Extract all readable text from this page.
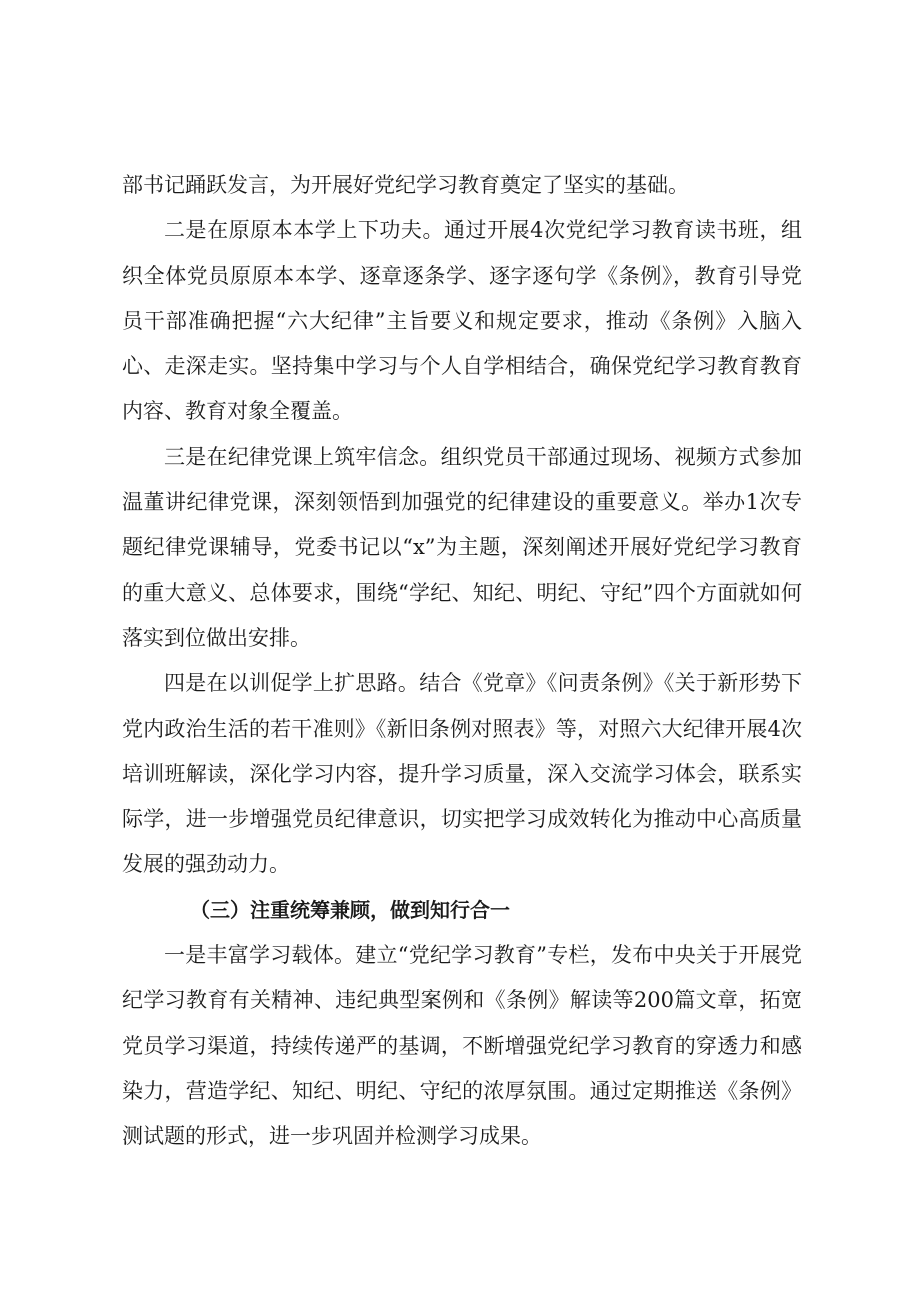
部书记踊跃发言，为开展好党纪学习教育奠定了坚实的基础。

二是在原原本本学上下功夫。通过开展4次党纪学习教育读书班，组织全体党员原原本本学、逐章逐条学、逐字逐句学《条例》，教育引导党员干部准确把握“六大纪律”主旨要义和规定要求，推动《条例》入脑入心、走深走实。坚持集中学习与个人自学相结合，确保党纪学习教育教育内容、教育对象全覆盖。

三是在纪律党课上筑牢信念。组织党员干部通过现场、视频方式参加温董讲纪律党课，深刻领悟到加强党的纪律建设的重要意义。举办1次专题纪律党课辅导，党委书记以“x”为主题，深刻阐述开展好党纪学习教育的重大意义、总体要求，围绕“学纪、知纪、明纪、守纪”四个方面就如何落实到位做出安排。

四是在以训促学上扩思路。结合《党章》《问责条例》《关于新形势下党内政治生活的若干准则》《新旧条例对照表》等，对照六大纪律开展4次培训班解读，深化学习内容，提升学习质量，深入交流学习体会，联系实际学，进一步增强党员纪律意识，切实把学习成效转化为推动中心高质量发展的强劲动力。

（三）注重统筹兼顾，做到知行合一

一是丰富学习载体。建立“党纪学习教育”专栏，发布中央关于开展党纪学习教育有关精神、违纪典型案例和《条例》解读等200篇文章，拓宽党员学习渠道，持续传递严的基调，不断增强党纪学习教育的穿透力和感染力，营造学纪、知纪、明纪、守纪的浓厚氛围。通过定期推送《条例》测试题的形式，进一步巩固并检测学习成果。
